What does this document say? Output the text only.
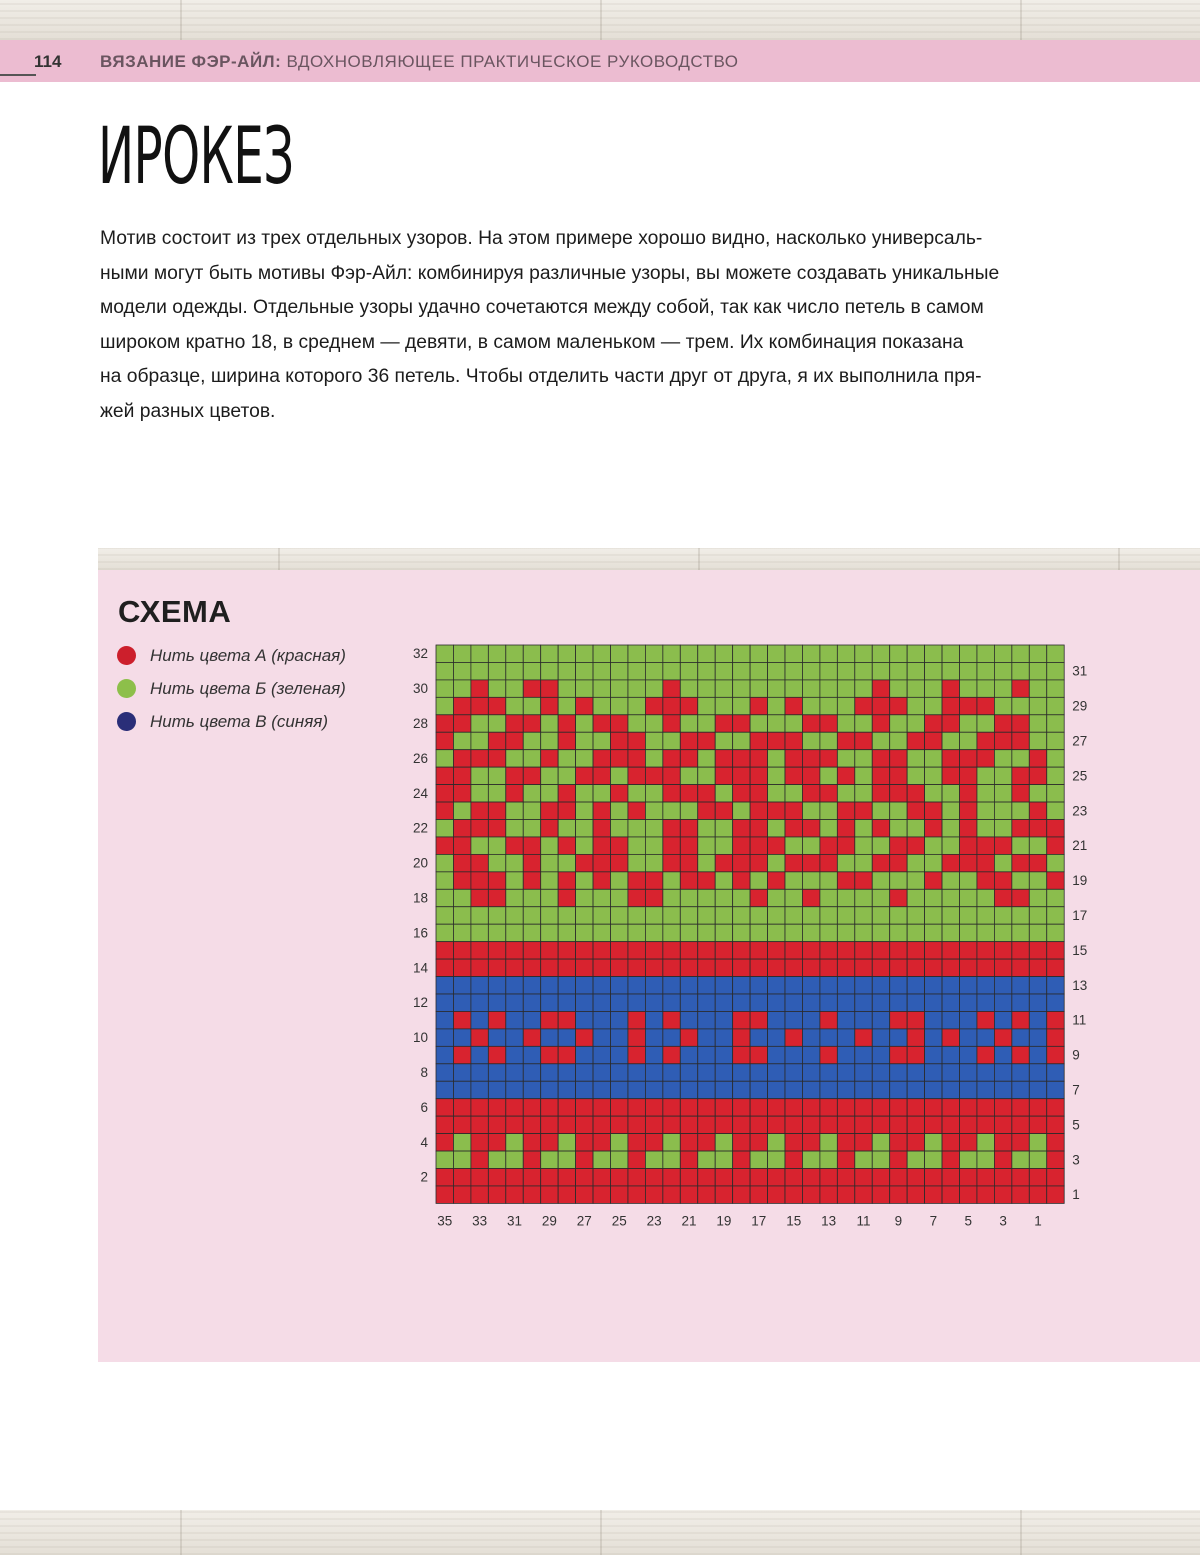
114 ВЯЗАНИЕ ФЭР-АЙЛ: ВДОХНОВЛЯЮЩЕЕ ПРАКТИЧЕСКОЕ РУКОВОДСТВО
ИРОКЕЗ

Мотив состоит из трех отдельных узоров. На этом примере хорошо видно, насколько универсаль-
ными могут быть мотивы Фэр-Айл: комбинируя различные узоры, вы можете создавать уникальные
модели одежды. Отдельные узоры удачно сочетаются между собой, так как число петель в самом
широком кратно 18, в среднем — девяти, в самом маленьком — трем. Их комбинация показана
на образце, ширина которого 36 петель. Чтобы отделить части друг от друга, я их выполнила пря-
жей разных цветов.

СХЕМА
Нить цвета А (красная)
Нить цвета Б (зеленая)
Нить цвета В (синяя)
32
30
28
26
24
22
20
18
16
14
12
10
8
6
4
2
31
29
27
25
23
21
19
17
15
13
11
9
7
5
3
1
35 33 31 29 27 25 23 21 19 17 15 13 11 9 7 5 3 1
